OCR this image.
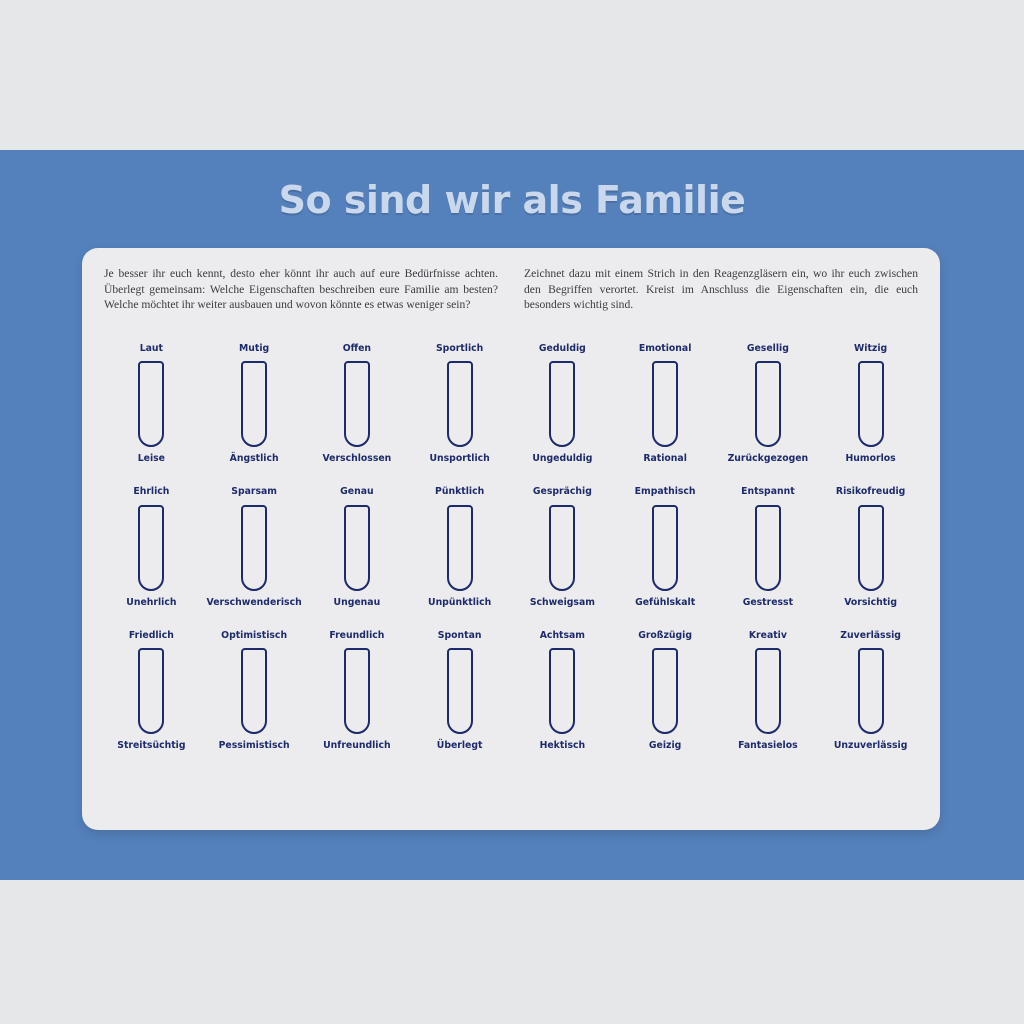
So sind wir als Familie
Je besser ihr euch kennt, desto eher könnt ihr auch auf eure Bedürfnisse achten. Überlegt gemeinsam: Welche Eigenschaften beschreiben eure Familie am besten? Welche möchtet ihr weiter ausbauen und wovon könnte es etwas weniger sein?
Zeichnet dazu mit einem Strich in den Reagenzgläsern ein, wo ihr euch zwischen den Begriffen verortet. Kreist im Anschluss die Eigenschaften ein, die euch besonders wichtig sind.
Laut
Leise
Mutig
Ängstlich
Offen
Verschlossen
Sportlich
Unsportlich
Geduldig
Ungeduldig
Emotional
Rational
Gesellig
Zurückgezogen
Witzig
Humorlos
Ehrlich
Unehrlich
Sparsam
Verschwenderisch
Genau
Ungenau
Pünktlich
Unpünktlich
Gesprächig
Schweigsam
Empathisch
Gefühlskalt
Entspannt
Gestresst
Risikofreudig
Vorsichtig
Friedlich
Streitsüchtig
Optimistisch
Pessimistisch
Freundlich
Unfreundlich
Spontan
Überlegt
Achtsam
Hektisch
Großzügig
Geizig
Kreativ
Fantasielos
Zuverlässig
Unzuverlässig
